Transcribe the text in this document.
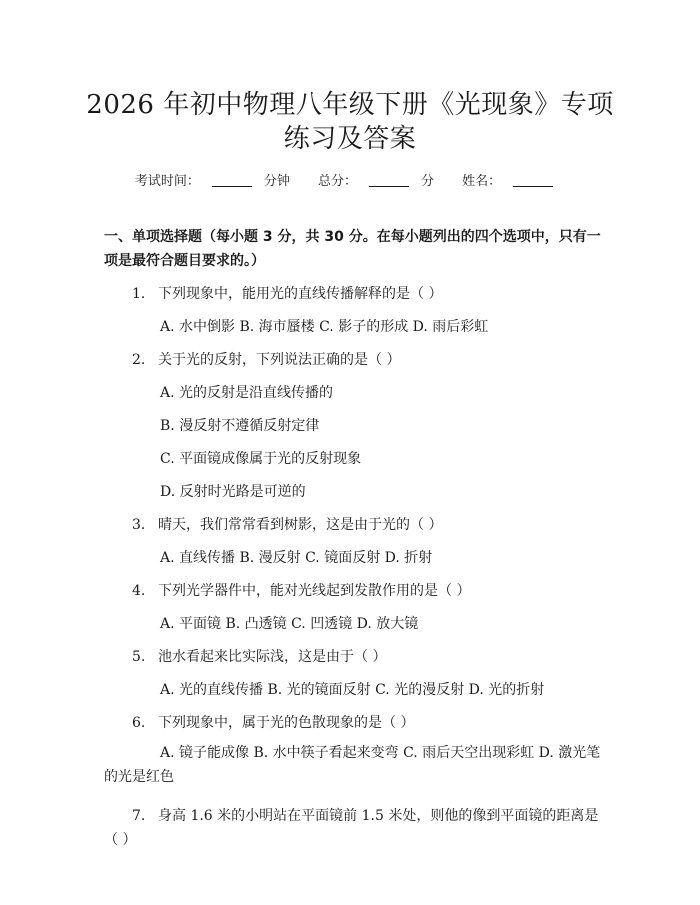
2026 年初中物理八年级下册《光现象》专项
练习及答案
考试时间：	分钟 总分：	分 姓名：

一、单项选择题（每小题 3 分，共 30 分。在每小题列出的四个选项中，只有一项是最符合题目要求的。）

1. 下列现象中，能用光的直线传播解释的是（ ）
A. 水中倒影 B. 海市蜃楼 C. 影子的形成 D. 雨后彩虹
2. 关于光的反射，下列说法正确的是（ ）
A. 光的反射是沿直线传播的
B. 漫反射不遵循反射定律
C. 平面镜成像属于光的反射现象
D. 反射时光路是可逆的
3. 晴天，我们常常看到树影，这是由于光的（ ）
A. 直线传播 B. 漫反射 C. 镜面反射 D. 折射
4. 下列光学器件中，能对光线起到发散作用的是（ ）
A. 平面镜 B. 凸透镜 C. 凹透镜 D. 放大镜
5. 池水看起来比实际浅，这是由于（ ）
A. 光的直线传播 B. 光的镜面反射 C. 光的漫反射 D. 光的折射
6. 下列现象中，属于光的色散现象的是（ ）
A. 镜子能成像 B. 水中筷子看起来变弯 C. 雨后天空出现彩虹 D. 激光笔的光是红色
7. 身高 1.6 米的小明站在平面镜前 1.5 米处，则他的像到平面镜的距离是（ ）
